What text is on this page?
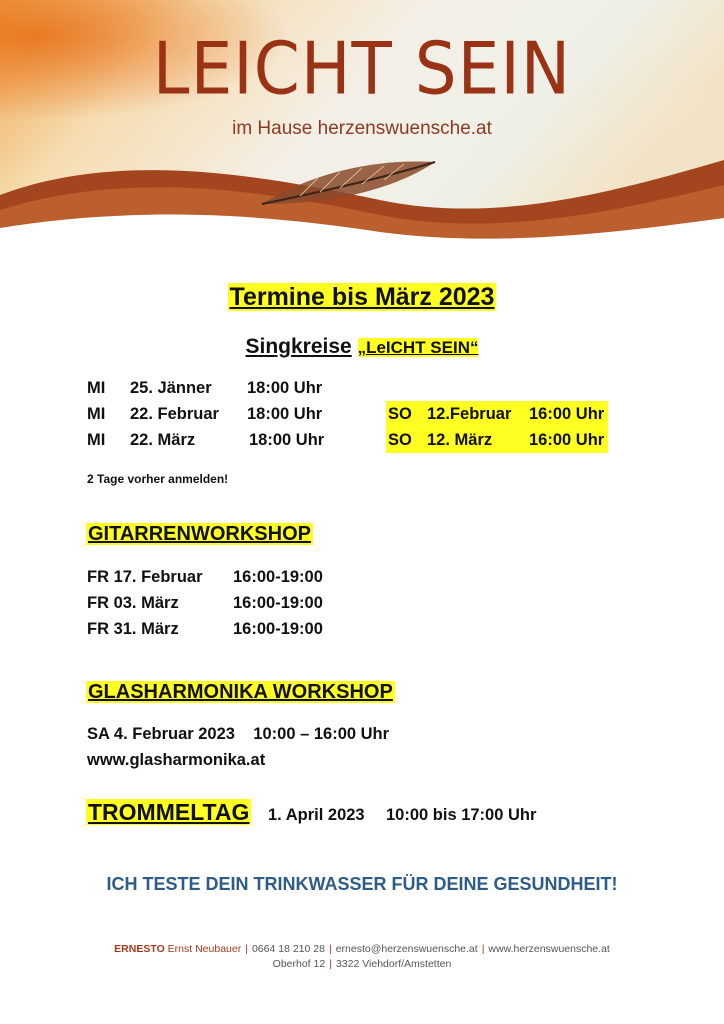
LEICHT SEIN
im Hause herzenswuensche.at
Termine bis März 2023
Singkreise „LeICHT SEIN“
MI 25. Jänner 18:00 Uhr
MI 22. Februar 18:00 Uhr
MI 22. März	18:00 Uhr
SO 12.Februar 16:00 Uhr
SO 12. März 16:00 Uhr
2 Tage vorher anmelden!
GITARRENWORKSHOP
FR 17. Februar 16:00-19:00
FR 03. März	16:00-19:00
FR 31. März	16:00-19:00
GLASHARMONIKA WORKSHOP
SA 4. Februar 2023    10:00 – 16:00 Uhr
www.glasharmonika.at
TROMMELTAG 1. April 2023 10:00 bis 17:00 Uhr
ICH TESTE DEIN TRINKWASSER FÜR DEINE GESUNDHEIT!
ERNESTO Ernst Neubauer | 0664 18 210 28 | ernesto@herzenswuensche.at | www.herzenswuensche.at
Oberhof 12 | 3322 Viehdorf/Amstetten
